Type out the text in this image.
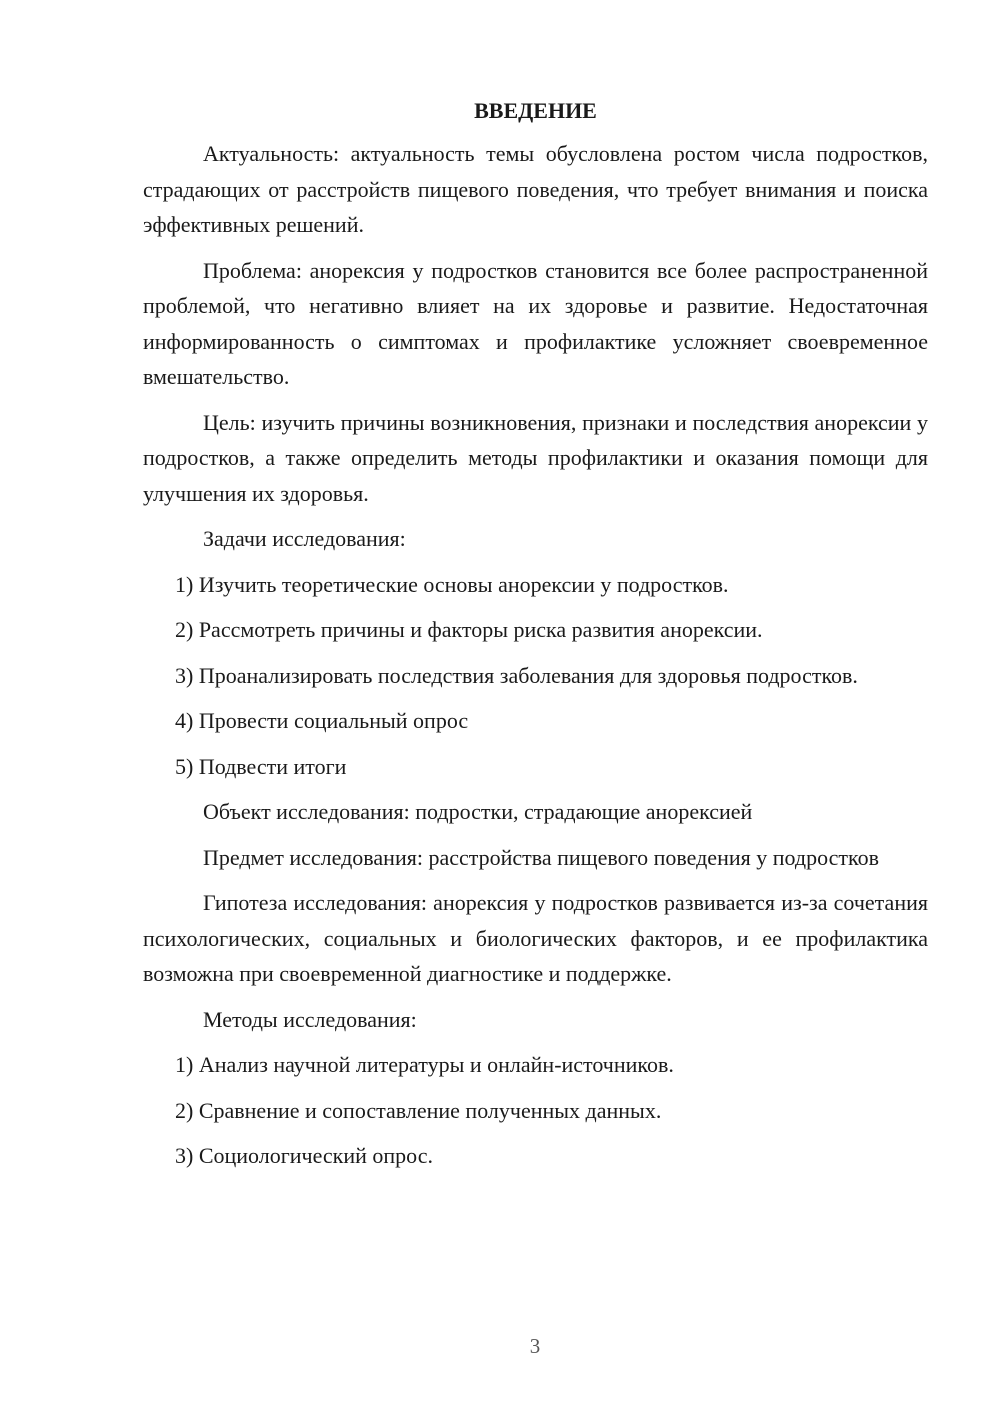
ВВЕДЕНИЕ

Актуальность: актуальность темы обусловлена ростом числа подростков, страдающих от расстройств пищевого поведения, что требует внимания и поиска эффективных решений.

Проблема: анорексия у подростков становится все более распространенной проблемой, что негативно влияет на их здоровье и развитие. Недостаточная информированность о симптомах и профилактике усложняет своевременное вмешательство.

Цель: изучить причины возникновения, признаки и последствия анорексии у подростков, а также определить методы профилактики и оказания помощи для улучшения их здоровья.

Задачи исследования:

1) Изучить теоретические основы анорексии у подростков.

2) Рассмотреть причины и факторы риска развития анорексии.

3) Проанализировать последствия заболевания для здоровья подростков.

4) Провести социальный опрос

5) Подвести итоги

Объект исследования: подростки, страдающие анорексией

Предмет исследования: расстройства пищевого поведения у подростков

Гипотеза исследования: анорексия у подростков развивается из-за сочетания психологических, социальных и биологических факторов, и ее профилактика возможна при своевременной диагностике и поддержке.

Методы исследования:

1) Анализ научной литературы и онлайн-источников.

2) Сравнение и сопоставление полученных данных.

3) Социологический опрос.

3
